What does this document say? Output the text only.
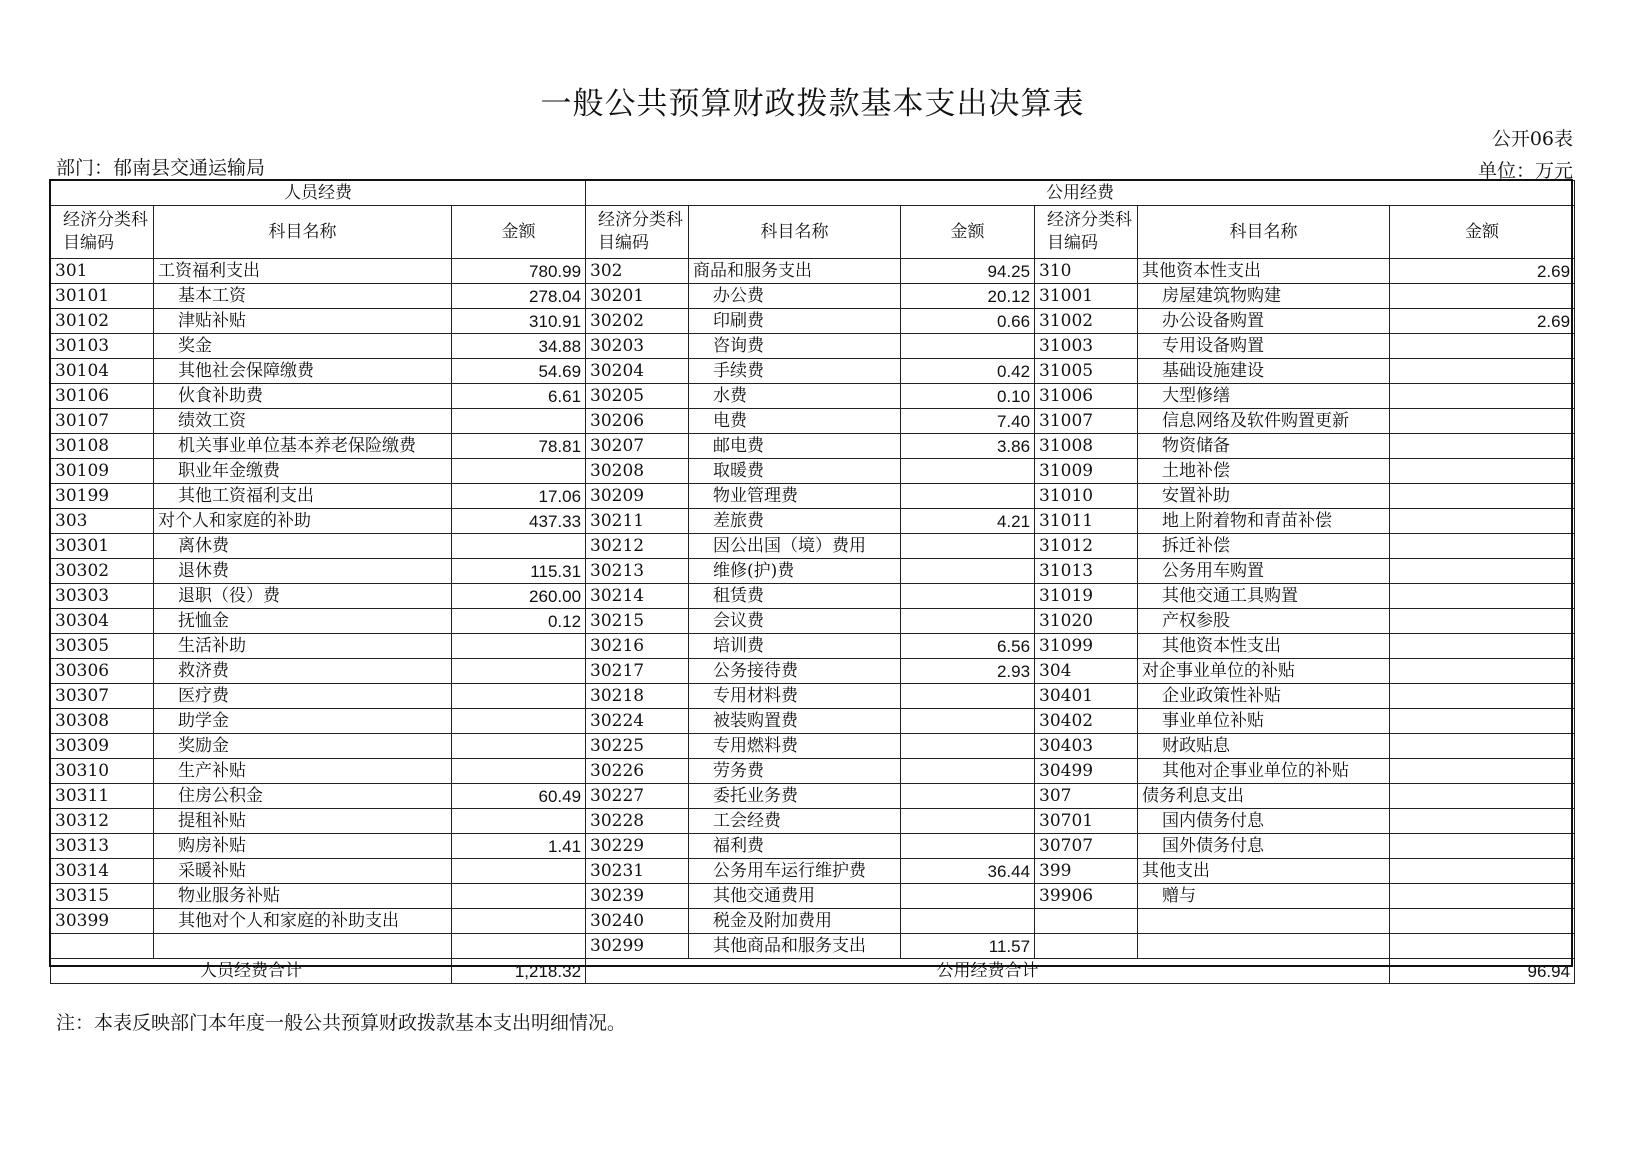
一般公共预算财政拨款基本支出决算表
公开06表
部门：郁南县交通运输局	单位：万元
人员经费			公用经费					
经济分类科目编码	科目名称	金额	经济分类科目编码	科目名称	金额	经济分类科目编码	科目名称	金额
301	工资福利支出	780.99	302	商品和服务支出	94.25	310	其他资本性支出	2.69
30101	基本工资	278.04	30201	办公费	20.12	31001	房屋建筑物购建	
30102	津贴补贴	310.91	30202	印刷费	0.66	31002	办公设备购置	2.69
30103	奖金	34.88	30203	咨询费		31003	专用设备购置	
30104	其他社会保障缴费	54.69	30204	手续费	0.42	31005	基础设施建设	
30106	伙食补助费	6.61	30205	水费	0.10	31006	大型修缮	
30107	绩效工资		30206	电费	7.40	31007	信息网络及软件购置更新	
30108	机关事业单位基本养老保险缴费	78.81	30207	邮电费	3.86	31008	物资储备	
30109	职业年金缴费		30208	取暖费		31009	土地补偿	
30199	其他工资福利支出	17.06	30209	物业管理费		31010	安置补助	
303	对个人和家庭的补助	437.33	30211	差旅费	4.21	31011	地上附着物和青苗补偿	
30301	离休费		30212	因公出国（境）费用		31012	拆迁补偿	
30302	退休费	115.31	30213	维修(护)费		31013	公务用车购置	
30303	退职（役）费	260.00	30214	租赁费		31019	其他交通工具购置	
30304	抚恤金	0.12	30215	会议费		31020	产权参股	
30305	生活补助		30216	培训费	6.56	31099	其他资本性支出	
30306	救济费		30217	公务接待费	2.93	304	对企事业单位的补贴	
30307	医疗费		30218	专用材料费		30401	企业政策性补贴	
30308	助学金		30224	被装购置费		30402	事业单位补贴	
30309	奖励金		30225	专用燃料费		30403	财政贴息	
30310	生产补贴		30226	劳务费		30499	其他对企事业单位的补贴	
30311	住房公积金	60.49	30227	委托业务费		307	债务利息支出	
30312	提租补贴		30228	工会经费		30701	国内债务付息	
30313	购房补贴	1.41	30229	福利费		30707	国外债务付息	
30314	采暖补贴		30231	公务用车运行维护费	36.44	399	其他支出	
30315	物业服务补贴		30239	其他交通费用		39906	赠与	
30399	其他对个人和家庭的补助支出		30240	税金及附加费用				
			30299	其他商品和服务支出	11.57			
人员经费合计		1,218.32	公用经费合计					96.94
注：本表反映部门本年度一般公共预算财政拨款基本支出明细情况。
